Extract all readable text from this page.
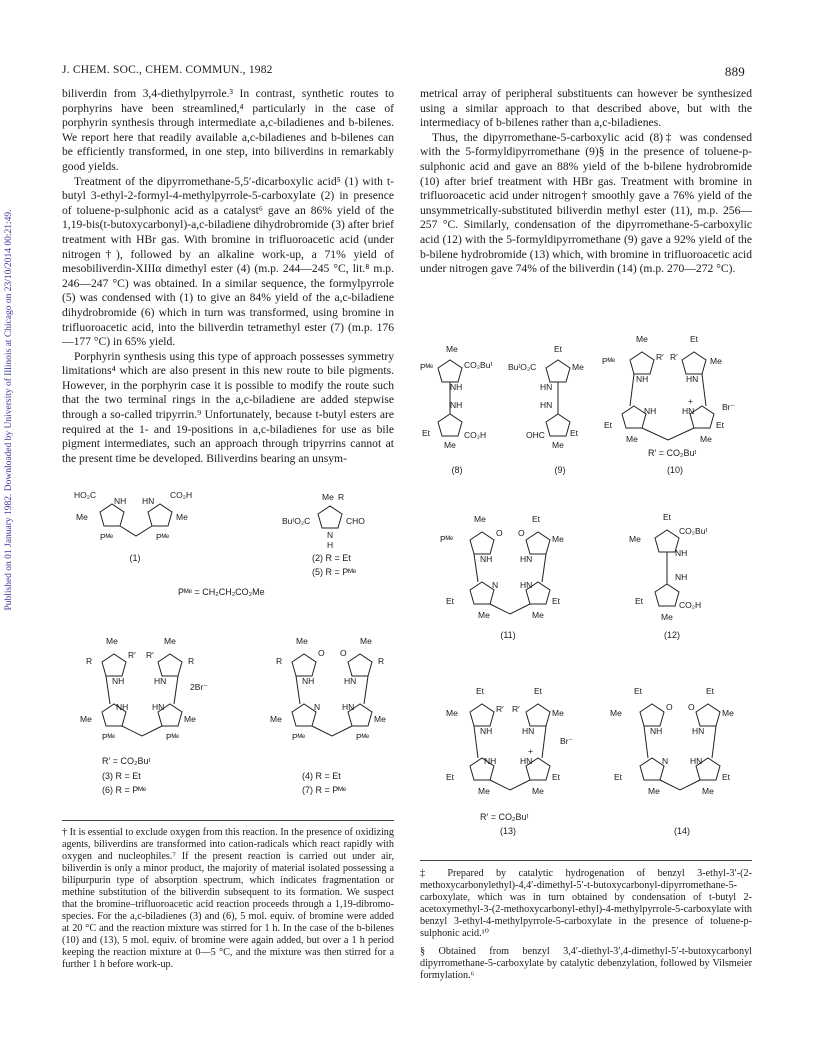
Published on 01 January 1982. Downloaded by University of Illinois at Chicago on 23/10/2014 00:21:49.
J. CHEM. SOC., CHEM. COMMUN., 1982	889

biliverdin from 3,4-diethylpyrrole.³ In contrast, synthetic routes to porphyrins have been streamlined,⁴ particularly in the case of porphyrin synthesis through intermediate a,c-biladienes and b-bilenes. We report here that readily available a,c-biladienes and b-bilenes can be efficiently transformed, in one step, into biliverdins in remarkably good yields.

Treatment of the dipyrromethane-5,5′-dicarboxylic acid⁵ (1) with t-butyl 3-ethyl-2-formyl-4-methylpyrrole-5-carboxylate (2) in presence of toluene-p-sulphonic acid as a catalyst⁶ gave an 86% yield of the 1,19-bis(t-butoxycarbonyl)-a,c-biladiene dihydrobromide (3) after brief treatment with HBr gas. With bromine in trifluoroacetic acid (under nitrogen†), followed by an alkaline work-up, a 71% yield of mesobiliverdin-XIIIα dimethyl ester (4) (m.p. 244—245 °C, lit.⁸ m.p. 246—247 °C) was obtained. In a similar sequence, the formylpyrrole (5) was condensed with (1) to give an 84% yield of the a,c-biladiene dihydrobromide (6) which in turn was transformed, using bromine in trifluoroacetic acid, into the biliverdin tetramethyl ester (7) (m.p. 176—177 °C) in 65% yield.

Porphyrin synthesis using this type of approach possesses symmetry limitations⁴ which are also present in this new route to bile pigments. However, in the porphyrin case it is possible to modify the route such that the two terminal rings in the a,c-biladiene are added stepwise through a so-called tripyrrin.⁹ Unfortunately, because t-butyl esters are required at the 1- and 19-positions in a,c-biladienes for use as bile pigment intermediates, such an approach through tripyrrins cannot at the present time be developed. Biliverdins bearing an unsym-

metrical array of peripheral substituents can however be synthesized using a similar approach to that described above, but with the intermediacy of b-bilenes rather than a,c-biladienes.

Thus, the dipyrromethane-5-carboxylic acid (8)‡ was condensed with the 5-formyldipyrromethane (9)§ in the presence of toluene-p-sulphonic acid and gave an 88% yield of the b-bilene hydrobromide (10) after brief treatment with HBr gas. Treatment with bromine in trifluoroacetic acid under nitrogen† smoothly gave a 76% yield of the unsymmetrically-substituted biliverdin methyl ester (11), m.p. 256—257 °C. Similarly, condensation of the dipyrromethane-5-carboxylic acid (12) with the 5-formyldipyrromethane (9) gave a 92% yield of the b-bilene hydrobromide (13) which, with bromine in trifluoroacetic acid under nitrogen gave 74% of the biliverdin (14) (m.p. 270—272 °C).

Me
Pᴹᵉ	CO₂Buᵗ
NH
NH
Et	CO₂H
Me
(8)
Et
BuᵗO₂C	Me
HN
HN
OHC	Et
Me
(9)
Me	Et
Pᴹᵉ	R′ R′	Me
NH	HN
NH	HN
+
Br⁻
Et	Et
Me	Me
R′ = CO₂Buᵗ
(10)
HO₂C
NH HN
CO₂H
Me	Me
Pᴹᵉ	Pᴹᵉ
(1)
Me R
BuᵗO₂C	CHO
N
H
(2) R = Et
(5) R = Pᴹᵉ
Pᴹᵉ = CH₂CH₂CO₂Me
Me	Et
O O
Pᴹᵉ	Me
NH	HN
N	HN
Et	Et
Me	Me
(11)
Et
Me
CO₂Buᵗ
NH
NH
Et	CO₂H
Me
(12)
Me	Me
R
R′ R′
R
NH	HN
2Br⁻
NH	HN
Me	Me
Pᴹᵉ	Pᴹᵉ
R′ = CO₂Buᵗ
(3) R = Et
(6) R = Pᴹᵉ
Me	Me
R
O O
R
NH	HN
N	HN
Me	Me
Pᴹᵉ	Pᴹᵉ
(4) R = Et
(7) R = Pᴹᵉ
Et	Et
Me	R′ R′	Me
NH	HN
Br⁻
+
NH	HN
Et	Et
Me	Me
R′ = CO₂Buᵗ
(13)
Et	Et
Me
O O
Me
NH	HN
N	HN
Et	Et
Me	Me
(14)

† It is essential to exclude oxygen from this reaction. In the presence of oxidizing agents, biliverdins are transformed into cation-radicals which react rapidly with oxygen and nucleophiles.⁷ If the present reaction is carried out under air, biliverdin is only a minor product, the majority of material isolated possessing a bilipurpurin type of absorption spectrum, which indicates fragmentation or methine substitution of the biliverdin subsequent to its formation. We suspect that the bromine–trifluoroacetic acid reaction proceeds through a 1,19-dibromo-species. For the a,c-biladienes (3) and (6), 5 mol. equiv. of bromine were added at 20 °C and the reaction mixture was stirred for 1 h. In the case of the b-bilenes (10) and (13), 5 mol. equiv. of bromine were again added, but over a 1 h period keeping the reaction mixture at 0—5 °C, and the mixture was then stirred for a further 1 h before work-up.

‡ Prepared by catalytic hydrogenation of benzyl 3-ethyl-3′-(2-methoxycarbonylethyl)-4,4′-dimethyl-5′-t-butoxycarbonyl-dipyrromethane-5-carboxylate, which was in turn obtained by condensation of t-butyl 2-acetoxymethyl-3-(2-methoxycarbonyl-ethyl)-4-methylpyrrole-5-carboxylate with benzyl 3-ethyl-4-methylpyrrole-5-carboxylate in the presence of toluene-p-sulphonic acid.¹⁰

§ Obtained from benzyl 3,4′-diethyl-3′,4-dimethyl-5′-t-butoxycarbonyl dipyrromethane-5-carboxylate by catalytic debenzylation, followed by Vilsmeier formylation.⁶
